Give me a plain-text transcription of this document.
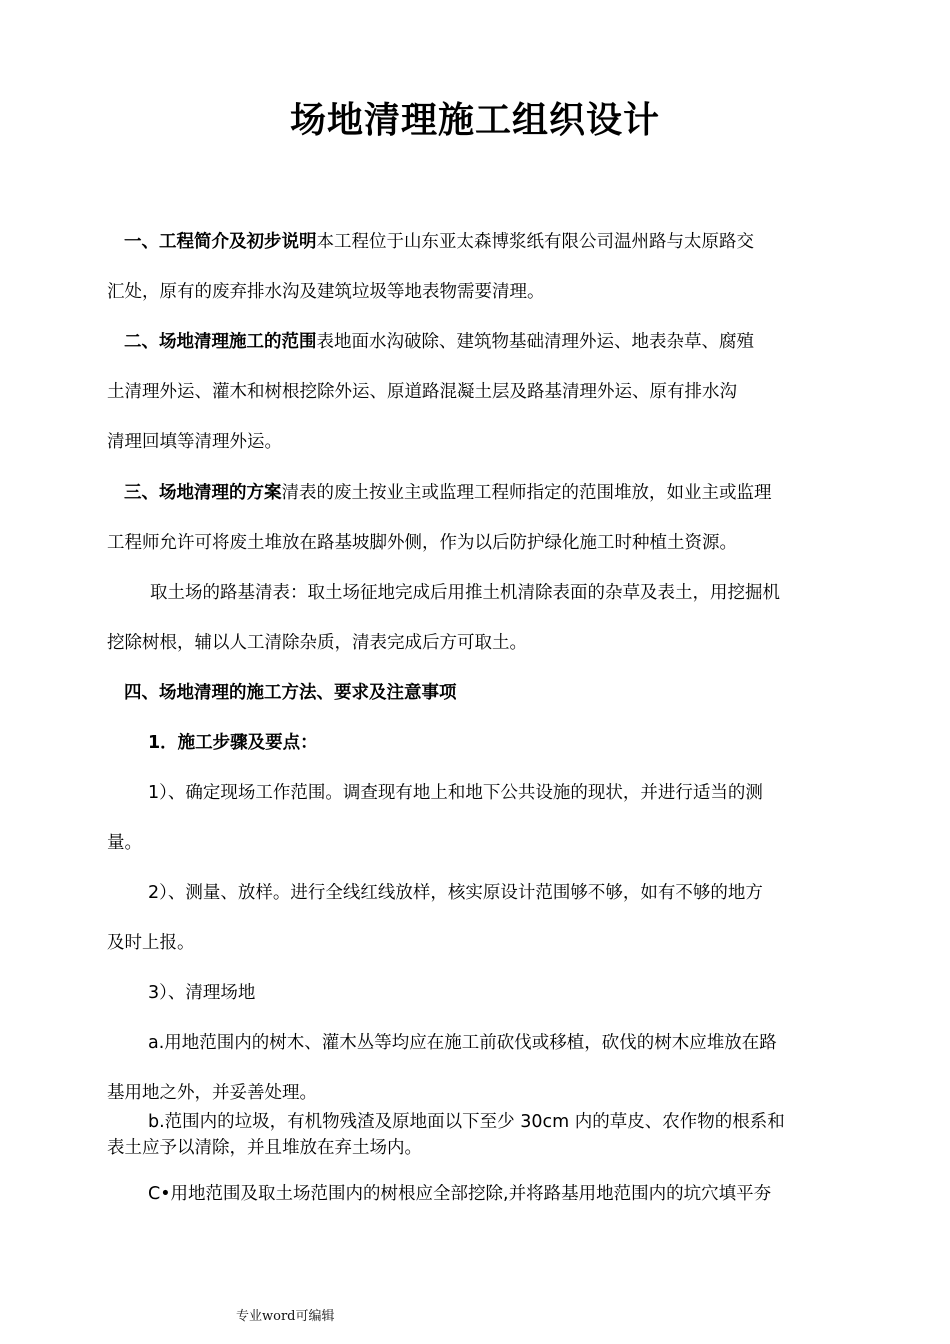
场地清理施工组织设计

一、工程简介及初步说明本工程位于山东亚太森博浆纸有限公司温州路与太原路交

汇处，原有的废弃排水沟及建筑垃圾等地表物需要清理。

二、场地清理施工的范围表地面水沟破除、建筑物基础清理外运、地表杂草、腐殖

土清理外运、灌木和树根挖除外运、原道路混凝土层及路基清理外运、原有排水沟

清理回填等清理外运。

三、场地清理的方案清表的废土按业主或监理工程师指定的范围堆放，如业主或监理

工程师允许可将废土堆放在路基坡脚外侧，作为以后防护绿化施工时种植土资源。

取土场的路基清表：取土场征地完成后用推土机清除表面的杂草及表土，用挖掘机

挖除树根，辅以人工清除杂质，清表完成后方可取土。

四、场地清理的施工方法、要求及注意事项

1．施工步骤及要点：

1）、确定现场工作范围。调查现有地上和地下公共设施的现状，并进行适当的测

量。

2）、测量、放样。进行全线红线放样，核实原设计范围够不够，如有不够的地方

及时上报。

3）、清理场地

a.用地范围内的树木、灌木丛等均应在施工前砍伐或移植，砍伐的树木应堆放在路

基用地之外，并妥善处理。

b.范围内的垃圾，有机物残渣及原地面以下至少 30cm 内的草皮、农作物的根系和

表土应予以清除，并且堆放在弃土场内。

C•用地范围及取土场范围内的树根应全部挖除,并将路基用地范围内的坑穴填平夯

专业word可编辑
